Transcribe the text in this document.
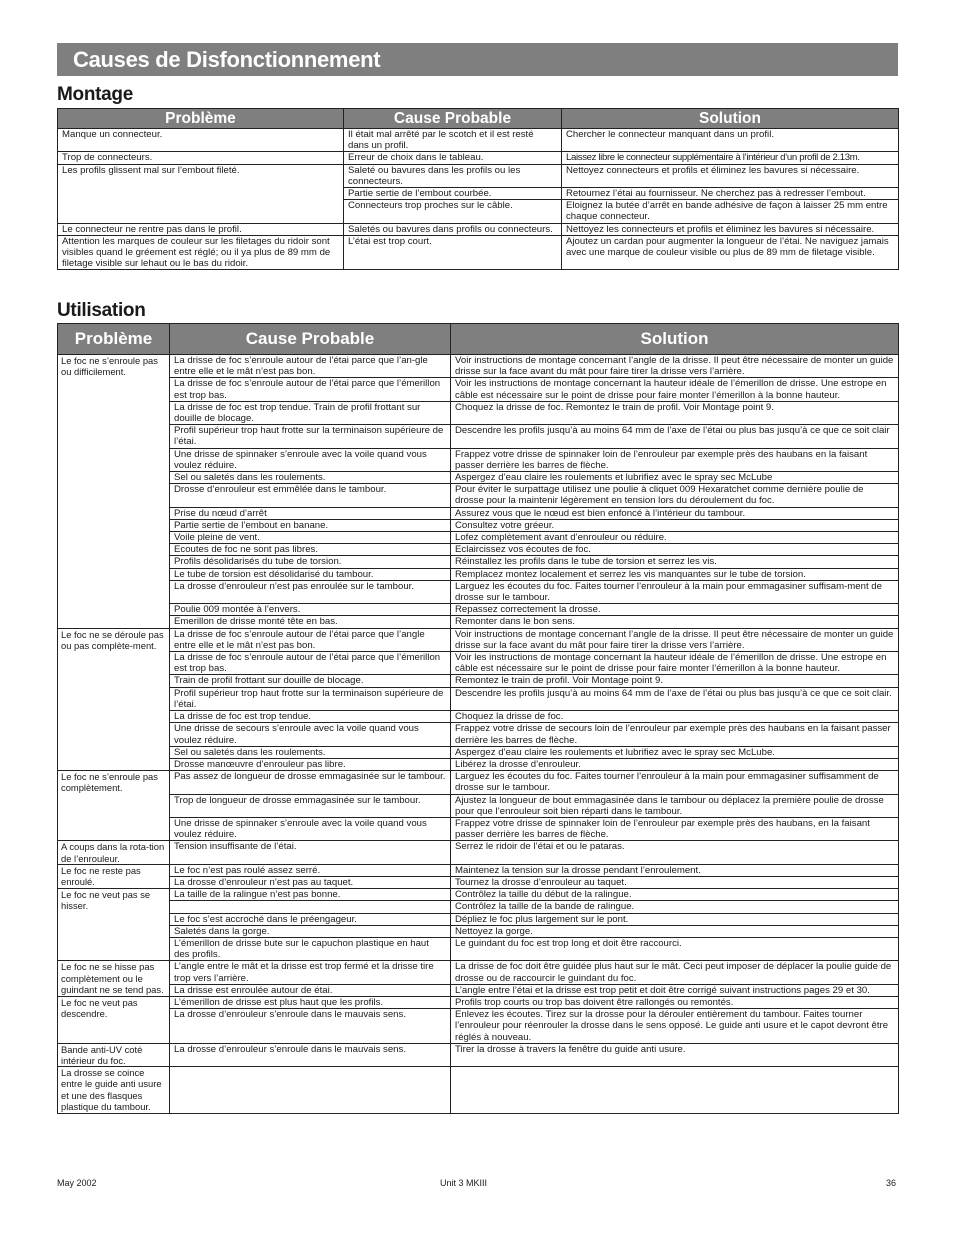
Causes de Disfonctionnement
Montage
Problème	Cause Probable	Solution
Manque un connecteur.	Il était mal arrêté par le scotch et il est resté dans un profil.	Chercher le connecteur manquant dans un profil.
Trop de connecteurs.	Erreur de choix dans le tableau.	Laissez libre le connecteur supplémentaire à l’intérieur d’un profil de 2.13m.
Les profils glissent mal sur l’embout fileté.	Saleté ou bavures dans les profils ou les connecteurs.	Nettoyez connecteurs et profils et éliminez les bavures si nécessaire.
	Partie sertie de l’embout courbée.	Retournez l’étai au fournisseur. Ne cherchez pas à redresser l’embout.
	Connecteurs trop proches sur le câble.	Eloignez la butée d’arrêt en bande adhésive de façon à laisser 25 mm entre chaque connecteur.
Le connecteur ne rentre pas dans le profil.	Saletés ou bavures dans profils ou connecteurs.	Nettoyez les connecteurs et profils et éliminez les bavures si nécessaire.
Attention les marques de couleur sur les filetages du ridoir sont visibles quand le gréement est réglé; ou il ya plus de 89 mm de filetage visible sur lehaut ou le bas du ridoir.	L’étai est trop court.	Ajoutez un cardan pour augmenter la longueur de l’étai. Ne naviguez jamais avec une marque de couleur visible ou plus de 89 mm de filetage visible.
Utilisation
Problème	Cause Probable	Solution
Le foc ne s’enroule pas ou difficilement.	La drisse de foc s’enroule autour de l’étai parce que l’an-gle entre elle et le mât n’est pas bon.	Voir instructions de montage concernant l’angle de la drisse. Il peut être nécessaire de monter un guide drisse sur la face avant du mât pour faire tirer la drisse vers l’arrière.
	La drisse de foc s’enroule autour de l’étai parce que l’émerillon est trop bas.	Voir les instructions de montage concernant la hauteur idéale de l’émerillon de drisse. Une estrope en câble est nécessaire sur le point de drisse pour faire monter l’émerillon à la bonne hauteur.
	La drisse de foc est trop tendue. Train de profil frottant sur douille de blocage.	Choquez la drisse de foc. Remontez le train de profil. Voir Montage point 9.
	Profil supérieur trop haut frotte sur la terminaison supérieure de l’étai.	Descendre les profils jusqu’à au moins 64 mm de l’axe de l’étai ou plus bas jusqu’à ce que ce soit clair
	Une drisse de spinnaker s’enroule avec la voile quand vous voulez réduire.	Frappez votre drisse de spinnaker loin de l’enrouleur par exemple près des haubans en la faisant passer derrière les barres de flèche.
	Sel ou saletés dans les roulements.	Aspergez d’eau claire les roulements et lubrifiez avec le spray sec McLube
	Drosse d’enrouleur est emmêlée dans le tambour.	Pour éviter le surpattage utilisez une poulie à cliquet 009 Hexaratchet comme dernière poulie de drosse pour la maintenir légèrement en tension lors du déroulement du foc.
	Prise du nœud d’arrêt	Assurez vous que le nœud est bien enfoncé à l’intérieur du tambour.
	Partie sertie de l’embout en banane.	Consultez votre gréeur.
	Voile pleine de vent.	Lofez complètement avant d’enrouleur ou réduire.
	Ecoutes de foc ne sont pas libres.	Eclaircissez vos écoutes de foc.
	Profils désolidarisés du tube de torsion.	Réinstallez les profils dans le tube de torsion et serrez les vis.
	Le tube de torsion est désolidarisé du tambour.	Remplacez montez localement et serrez les vis manquantes sur le tube de torsion.
	La drosse d’enrouleur n’est pas enroulée sur le tambour.	Larguez les écoutes du foc. Faites tourner l’enrouleur à la main pour emmagasiner suffisam-ment de drosse sur le tambour.
	Poulie 009 montée à l’envers.	Repassez correctement la drosse.
	Emerillon de drisse monté tête en bas.	Remonter dans le bon sens.
Le foc ne se déroule pas ou pas complète-ment.	La drisse de foc s’enroule autour de l’étai parce que l’angle entre elle et le mât n’est pas bon.	Voir instructions de montage concernant l’angle de la drisse. Il peut être nécessaire de monter un guide drisse sur la face avant du mât pour faire tirer la drisse vers l’arrière.
	La drisse de foc s’enroule autour de l’étai parce que l’émerillon est trop bas.	Voir les instructions de montage concernant la hauteur idéale de l’émerillon de drisse. Une estrope en câble est nécessaire sur le point de drisse pour faire monter l’émerillon à la bonne hauteur.
	Train de profil frottant sur douille de blocage.	Remontez le train de profil. Voir Montage point 9.
	Profil supérieur trop haut frotte sur la terminaison supérieure de l’étai.	Descendre les profils jusqu’à au moins 64 mm de l’axe de l’étai ou plus bas jusqu’à ce que ce soit clair.
	La drisse de foc est trop tendue.	Choquez la drisse de foc.
	Une drisse de secours s’enroule avec la voile quand vous voulez réduire.	Frappez votre drisse de secours loin de l’enrouleur par exemple près des haubans en la faisant passer derrière les barres de flèche.
	Sel ou saletés dans les roulements.	Aspergez d’eau claire les roulements et lubrifiez avec le spray sec McLube.
	Drosse manœuvre d’enrouleur pas libre.	Libérez la drosse d’enrouleur.
Le foc ne s’enroule pas complètement.	Pas assez de longueur de drosse emmagasinée sur le tambour.	Larguez les écoutes du foc. Faites tourner l’enrouleur à la main pour emmagasiner suffisamment de drosse sur le tambour.
	Trop de longueur de drosse emmagasinée sur le tambour.	Ajustez la longueur de bout emmagasinée dans le tambour ou déplacez la première poulie de drosse pour que l’enrouleur soit bien réparti dans le tambour.
	Une drisse de spinnaker s’enroule avec la voile quand vous voulez réduire.	Frappez votre drisse de spinnaker loin de l’enrouleur par exemple près des haubans, en la faisant passer derrière les barres de flèche.
A coups dans la rota-tion de l’enrouleur.	Tension insuffisante de l’étai.	Serrez le ridoir de l’étai et ou le pataras.
Le foc ne reste pas enroulé.	Le foc n’est pas roulé assez serré.	Maintenez la tension sur la drosse pendant l’enroulement.
	La drosse d’enrouleur n’est pas au taquet.	Tournez la drosse d’enrouleur au taquet.
Le foc ne veut pas se hisser.	La taille de la ralingue n’est pas bonne.	Contrôlez la taille du début de la ralingue.
		Contrôlez la taille de la bande de ralingue.
	Le foc s’est accroché dans le préengageur.	Dépliez le foc plus largement sur le pont.
	Saletés dans la gorge.	Nettoyez la gorge.
	L’émerillon de drisse bute sur le capuchon plastique en haut des profils.	Le guindant du foc est trop long et doit être raccourci.
Le foc ne se hisse pas complètement ou le guindant ne se tend pas.	L’angle entre le mât et la drisse est trop fermé et la drisse tire trop vers l’arrière.	La drisse de foc doit être guidée plus haut sur le mât. Ceci peut imposer de déplacer la poulie guide de drosse ou de raccourcir le guindant du foc.
	La drisse est enroulée autour de étai.	L’angle entre l’étai et la drisse est trop petit et doit être corrigé suivant instructions pages 29 et 30.
Le foc ne veut pas descendre.	L’émerillon de drisse est plus haut que les profils.	Profils trop courts ou trop bas doivent être rallongés ou remontés.
	La drosse d’enrouleur s’enroule dans le mauvais sens.	Enlevez les écoutes. Tirez sur la drosse pour la dérouler entièrement du tambour. Faites tourner l’enrouleur pour réenrouler la drosse dans le sens opposé. Le guide anti usure et le capot devront être réglés à nouveau.
Bande anti-UV coté intérieur du foc.	La drosse d’enrouleur s’enroule dans le mauvais sens.	Tirer la drosse à travers la fenêtre du guide anti usure.
La drosse se coince entre le guide anti usure et une des flasques plastique du tambour.		
May 2002	Unit 3 MKIII	36
